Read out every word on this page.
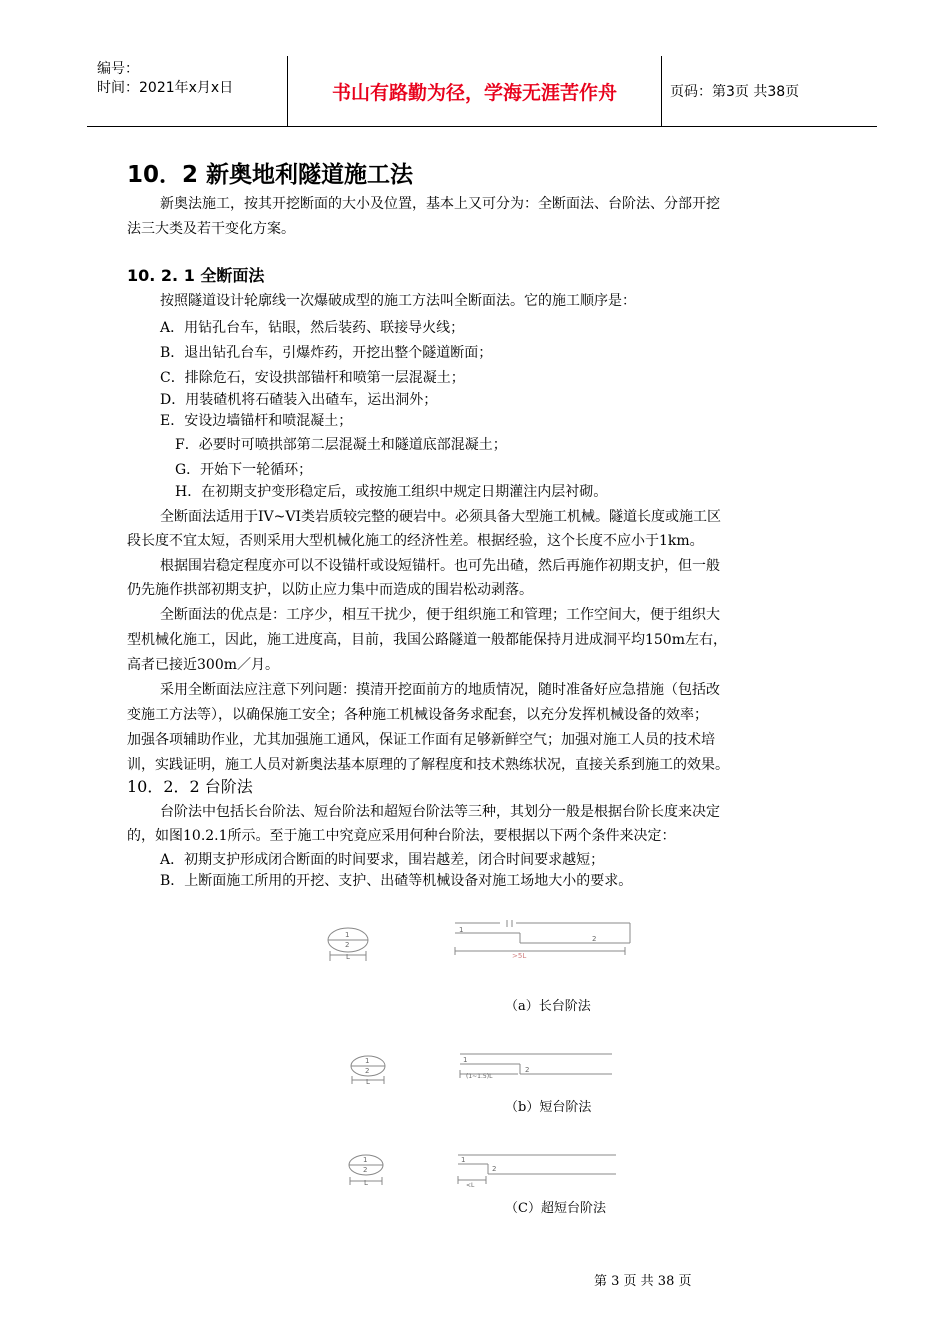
编号：
时间：2021年x月x日	书山有路勤为径，学海无涯苦作舟	页码：第3页 共38页
10．2 新奥地利隧道施工法
新奥法施工，按其开挖断面的大小及位置，基本上又可分为：全断面法、台阶法、分部开挖
法三大类及若干变化方案。
10. 2. 1 全断面法
按照隧道设计轮廓线一次爆破成型的施工方法叫全断面法。它的施工顺序是：
A．用钻孔台车，钻眼，然后装药、联接导火线；
B．退出钻孔台车，引爆炸药，开挖出整个隧道断面；
C．排除危石，安设拱部锚杆和喷第一层混凝土；
D．用装碴机将石碴装入出碴车，运出洞外；
E．安设边墙锚杆和喷混凝土；
F．必要时可喷拱部第二层混凝土和隧道底部混凝土；
G．开始下一轮循环；
H．在初期支护变形稳定后，或按施工组织中规定日期灌注内层衬砌。
全断面法适用于IV~VI类岩质较完整的硬岩中。必须具备大型施工机械。隧道长度或施工区
段长度不宜太短，否则采用大型机械化施工的经济性差。根据经验，这个长度不应小于1km。
根据围岩稳定程度亦可以不设锚杆或设短锚杆。也可先出碴，然后再施作初期支护，但一般
仍先施作拱部初期支护，以防止应力集中而造成的围岩松动剥落。
全断面法的优点是：工序少，相互干扰少，便于组织施工和管理；工作空间大，便于组织大
型机械化施工，因此，施工进度高，目前，我国公路隧道一般都能保持月进成洞平均150m左右，
高者已接近300m／月。
采用全断面法应注意下列问题：摸清开挖面前方的地质情况，随时准备好应急措施（包括改
变施工方法等），以确保施工安全；各种施工机械设备务求配套，以充分发挥机械设备的效率；
加强各项辅助作业，尤其加强施工通风，保证工作面有足够新鲜空气；加强对施工人员的技术培
训，实践证明，施工人员对新奥法基本原理的了解程度和技术熟练状况，直接关系到施工的效果。
10．2．2 台阶法
台阶法中包括长台阶法、短台阶法和超短台阶法等三种，其划分一般是根据台阶长度来决定
的，如图10.2.1所示。至于施工中究竟应采用何种台阶法，要根据以下两个条件来决定：
A．初期支护形成闭合断面的时间要求，围岩越差，闭合时间要求越短；
B．上断面施工所用的开挖、支护、出碴等机械设备对施工场地大小的要求。
1
2
L
1
2
>5L
（a）长台阶法
1
2
L
1
2
(1~1.5)L
（b）短台阶法
1
2
L
1
2
<L
（C）超短台阶法
第 3 页 共 38 页
